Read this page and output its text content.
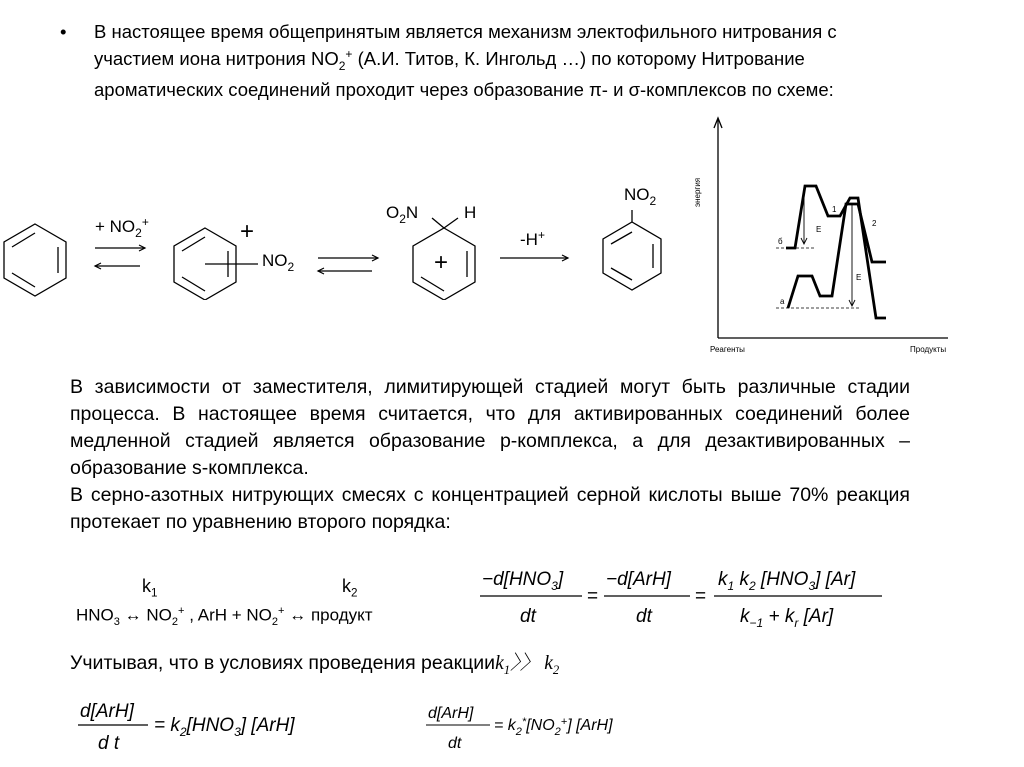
• В настоящее время общепринятым является механизм электофильного нитрования с
участием иона нитрония $NO_2^+$ (А.И. Титов, К. Ингольд …) по которому Нитрование
ароматических соединений проходит через образование π- и σ-комплексов по схеме:
+ $NO_2^+$	+
$NO_2$
$O_2N$	H
+
-H+
$NO_2$	энергия
Реагенты	Продукты
б
а
1
2
Е
Е

В зависимости от заместителя, лимитирующей стадией могут быть различные стадии процесса. В настоящее время считается, что для активированных соединений более медленной стадией является образование p-комплекса, а для дезактивированных – образование s-комплекса.

В серно-азотных нитрующих смесях с концентрацией серной кислоты выше 70% реакция протекает по уравнению второго порядка:

$k_1$	$k_2$
$HNO_3$ ↔ $NO_2^+$ , ArH + $NO_2^+$ ↔ продукт
$-d[HNO_3]$
dt
=
−d[ArH]
dt
=
$k_1$ $k_2$ $[HNO_3]$ [Ar]
$k_{-1} + k_r$ [Ar]
Учитывая, что в условиях проведения реакцииk$_1$〉〉 $k_2$
d[ArH]
d t
= $k_2[HNO_3]$ [ArH]
d[ArH]
dt
= $k_2^*[NO_2^+]$ [ArH]
